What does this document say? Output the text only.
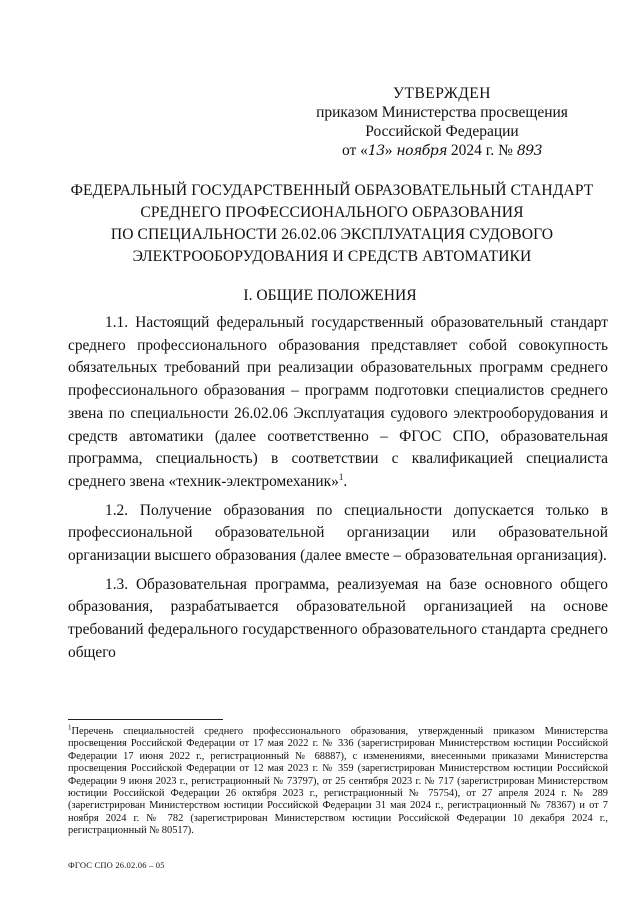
УТВЕРЖДЕН
приказом Министерства просвещения
Российской Федерации
от «13» ноября 2024 г. № 893
ФЕДЕРАЛЬНЫЙ ГОСУДАРСТВЕННЫЙ ОБРАЗОВАТЕЛЬНЫЙ СТАНДАРТ
СРЕДНЕГО ПРОФЕССИОНАЛЬНОГО ОБРАЗОВАНИЯ
ПО СПЕЦИАЛЬНОСТИ 26.02.06 ЭКСПЛУАТАЦИЯ СУДОВОГО
ЭЛЕКТРООБОРУДОВАНИЯ И СРЕДСТВ АВТОМАТИКИ
I. ОБЩИЕ ПОЛОЖЕНИЯ

1.1. Настоящий федеральный государственный образовательный стандарт среднего профессионального образования представляет собой совокупность обязательных требований при реализации образовательных программ среднего профессионального образования – программ подготовки специалистов среднего звена по специальности 26.02.06 Эксплуатация судового электрооборудования и средств автоматики (далее соответственно – ФГОС СПО, образовательная программа, специальность) в соответствии с квалификацией специалиста среднего звена «техник-электромеханик»$^1$.

1.2. Получение образования по специальности допускается только в профессиональной образовательной организации или образовательной организации высшего образования (далее вместе – образовательная организация).

1.3. Образовательная программа, реализуемая на базе основного общего образования, разрабатывается образовательной организацией на основе требований федерального государственного образовательного стандарта среднего общего

$^1$Перечень специальностей среднего профессионального образования, утвержденный приказом Министерства просвещения Российской Федерации от 17 мая 2022 г. № 336 (зарегистрирован Министерством юстиции Российской Федерации 17 июня 2022 г., регистрационный № 68887), с изменениями, внесенными приказами Министерства просвещения Российской Федерации от 12 мая 2023 г. № 359 (зарегистрирован Министерством юстиции Российской Федерации 9 июня 2023 г., регистрационный № 73797), от 25 сентября 2023 г. № 717 (зарегистрирован Министерством юстиции Российской Федерации 26 октября 2023 г., регистрационный № 75754), от 27 апреля 2024 г. № 289 (зарегистрирован Министерством юстиции Российской Федерации 31 мая 2024 г., регистрационный № 78367) и от 7 ноября 2024 г. № 782 (зарегистрирован Министерством юстиции Российской Федерации 10 декабря 2024 г., регистрационный № 80517).
ФГОС СПО 26.02.06 – 05
